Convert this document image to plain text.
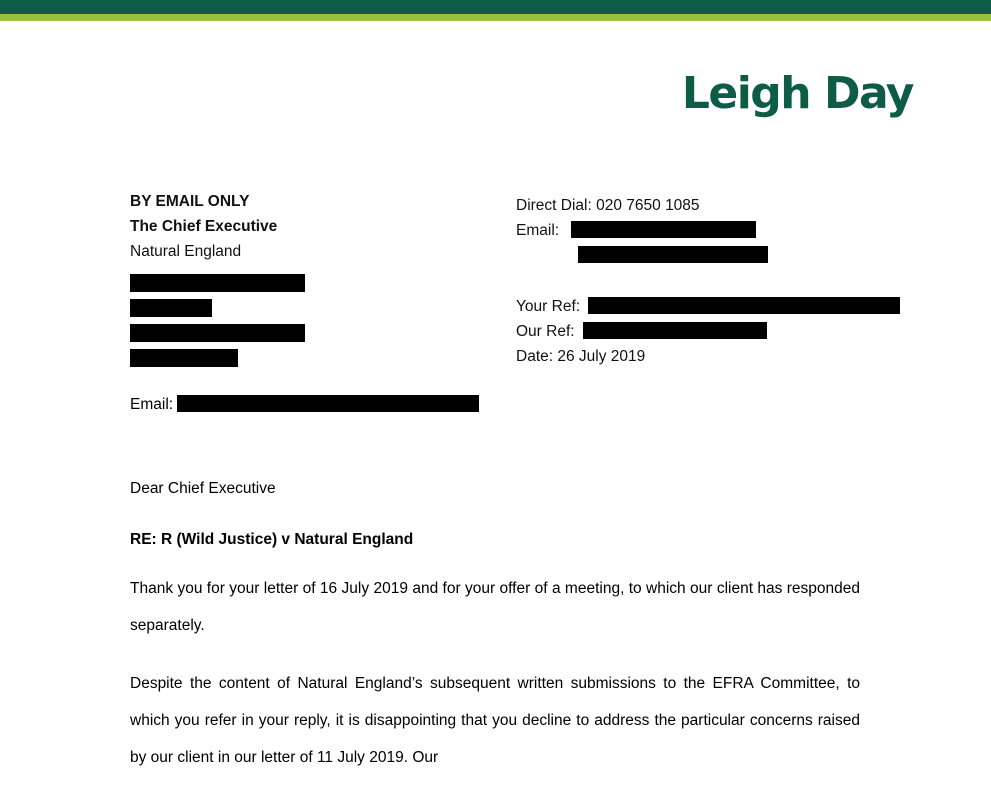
Leigh Day
BY EMAIL ONLY
The Chief Executive
Natural England
Email:
Direct Dial: 020 7650 1085
Email:
Your Ref:
Our Ref:
Date: 26 July 2019
Dear Chief Executive
RE: R (Wild Justice) v Natural England

Thank you for your letter of 16 July 2019 and for your offer of a meeting, to which our client has responded separately.

Despite the content of Natural England’s subsequent written submissions to the EFRA Committee, to which you refer in your reply, it is disappointing that you decline to address the particular concerns raised by our client in our letter of 11 July 2019. Our
